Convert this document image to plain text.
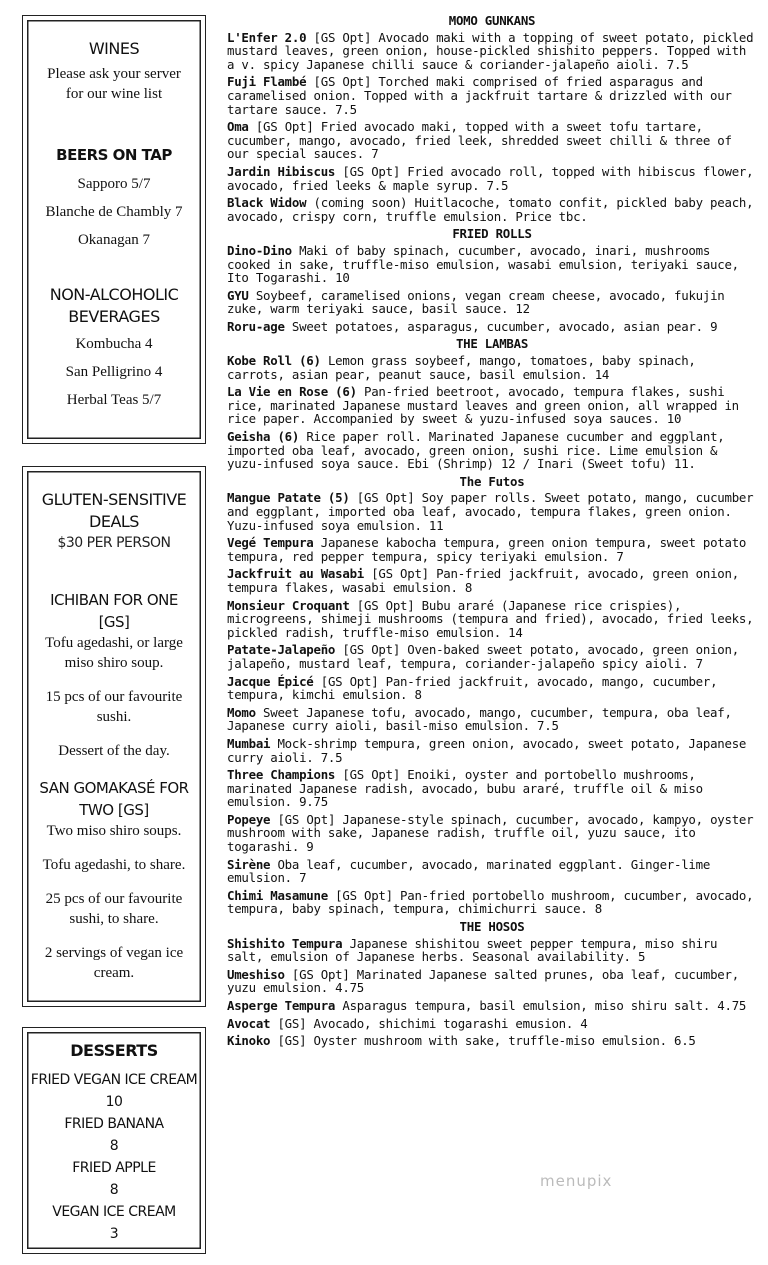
WINES

Please ask your server

for our wine list

BEERS ON TAP

Sapporo 5/7

Blanche de Chambly 7

Okanagan 7

NON-ALCOHOLIC
BEVERAGES

Kombucha 4

San Pelligrino 4

Herbal Teas 5/7

GLUTEN-SENSITIVE
DEALS
$30 PER PERSON
ICHIBAN FOR ONE [GS]

Tofu agedashi, or large miso shiro soup.

15 pcs of our favourite sushi.

Dessert of the day.

SAN GOMAKASÉ FOR TWO [GS]

Two miso shiro soups.

Tofu agedashi, to share.

25 pcs of our favourite sushi, to share.

2 servings of vegan ice cream.

DESSERTS
FRIED VEGAN ICE CREAM
10
FRIED BANANA
8
FRIED APPLE
8
VEGAN ICE CREAM
3
MOMO GUNKANS
L'Enfer 2.0 [GS Opt] Avocado maki with a topping of sweet potato, pickled mustard leaves, green onion, house-pickled shishito peppers. Topped with a v. spicy Japanese chilli sauce & coriander-jalapeño aioli. 7.5
Fuji Flambé [GS Opt] Torched maki comprised of fried asparagus and caramelised onion. Topped with a jackfruit tartare & drizzled with our tartare sauce. 7.5
Oma [GS Opt] Fried avocado maki, topped with a sweet tofu tartare, cucumber, mango, avocado, fried leek, shredded sweet chilli & three of our special sauces. 7
Jardin Hibiscus [GS Opt] Fried avocado roll, topped with hibiscus flower, avocado, fried leeks & maple syrup. 7.5
Black Widow (coming soon) Huitlacoche, tomato confit, pickled baby peach, avocado, crispy corn, truffle emulsion. Price tbc.
FRIED ROLLS
Dino-Dino Maki of baby spinach, cucumber, avocado, inari, mushrooms cooked in sake, truffle-miso emulsion, wasabi emulsion, teriyaki sauce, Ito Togarashi. 10
GYU Soybeef, caramelised onions, vegan cream cheese, avocado, fukujin zuke, warm teriyaki sauce, basil sauce. 12
Roru-age Sweet potatoes, asparagus, cucumber, avocado, asian pear. 9
THE LAMBAS
Kobe Roll (6) Lemon grass soybeef, mango, tomatoes, baby spinach, carrots, asian pear, peanut sauce, basil emulsion. 14
La Vie en Rose (6) Pan-fried beetroot, avocado, tempura flakes, sushi rice, marinated Japanese mustard leaves and green onion, all wrapped in rice paper. Accompanied by sweet & yuzu-infused soya sauces. 10
Geisha (6) Rice paper roll. Marinated Japanese cucumber and eggplant, imported oba leaf, avocado, green onion, sushi rice. Lime emulsion & yuzu-infused soya sauce. Ebi (Shrimp) 12 / Inari (Sweet tofu) 11.
The Futos
Mangue Patate (5) [GS Opt] Soy paper rolls. Sweet potato, mango, cucumber and eggplant, imported oba leaf, avocado, tempura flakes, green onion. Yuzu-infused soya emulsion. 11
Vegé Tempura Japanese kabocha tempura, green onion tempura, sweet potato tempura, red pepper tempura, spicy teriyaki emulsion. 7
Jackfruit au Wasabi [GS Opt] Pan-fried jackfruit, avocado, green onion, tempura flakes, wasabi emulsion. 8
Monsieur Croquant [GS Opt] Bubu araré (Japanese rice crispies), microgreens, shimeji mushrooms (tempura and fried), avocado, fried leeks, pickled radish, truffle-miso emulsion. 14
Patate-Jalapeño [GS Opt] Oven-baked sweet potato, avocado, green onion, jalapeño, mustard leaf, tempura, coriander-jalapeño spicy aioli. 7
Jacque Épicé [GS Opt] Pan-fried jackfruit, avocado, mango, cucumber, tempura, kimchi emulsion. 8
Momo Sweet Japanese tofu, avocado, mango, cucumber, tempura, oba leaf, Japanese curry aioli, basil-miso emulsion. 7.5
Mumbai Mock-shrimp tempura, green onion, avocado, sweet potato, Japanese curry aioli. 7.5
Three Champions [GS Opt] Enoiki, oyster and portobello mushrooms, marinated Japanese radish, avocado, bubu araré, truffle oil & miso emulsion. 9.75
Popeye [GS Opt] Japanese-style spinach, cucumber, avocado, kampyo, oyster mushroom with sake, Japanese radish, truffle oil, yuzu sauce, ito togarashi. 9
Sirène Oba leaf, cucumber, avocado, marinated eggplant. Ginger-lime emulsion. 7
Chimi Masamune [GS Opt] Pan-fried portobello mushroom, cucumber, avocado, tempura, baby spinach, tempura, chimichurri sauce. 8
THE HOSOS
Shishito Tempura Japanese shishitou sweet pepper tempura, miso shiru salt, emulsion of Japanese herbs. Seasonal availability. 5
Umeshiso [GS Opt] Marinated Japanese salted prunes, oba leaf, cucumber, yuzu emulsion. 4.75
Asperge Tempura Asparagus tempura, basil emulsion, miso shiru salt. 4.75
Avocat [GS] Avocado, shichimi togarashi emusion. 4
Kinoko [GS] Oyster mushroom with sake, truffle-miso emulsion. 6.5
menupix
